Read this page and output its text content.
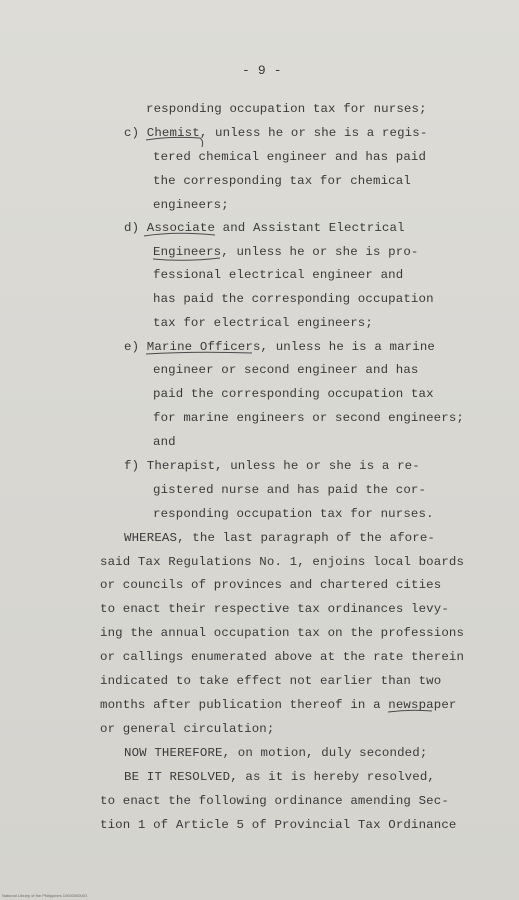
- 9 -
responding occupation tax for nurses;
c) Chemist, unless he or she is a regis-
tered chemical engineer and has paid
the corresponding tax for chemical
engineers;
d) Associate and Assistant Electrical
Engineers, unless he or she is pro-
fessional electrical engineer and
has paid the corresponding occupation
tax for electrical engineers;
e) Marine Officers, unless he is a marine
engineer or second engineer and has
paid the corresponding occupation tax
for marine engineers or second engineers;
and
f) Therapist, unless he or she is a re-
gistered nurse and has paid the cor-
responding occupation tax for nurses.
WHEREAS, the last paragraph of the afore-
said Tax Regulations No. 1, enjoins local boards
or councils of provinces and chartered cities
to enact their respective tax ordinances levy-
ing the annual occupation tax on the professions
or callings enumerated above at the rate therein
indicated to take effect not earlier than two
months after publication thereof in a newspaper
or general circulation;
NOW THEREFORE, on motion, duly seconded;
BE IT RESOLVED, as it is hereby resolved,
to enact the following ordinance amending Sec-
tion 1 of Article 5 of Provincial Tax Ordinance
National Library of the Philippines 10000000001
